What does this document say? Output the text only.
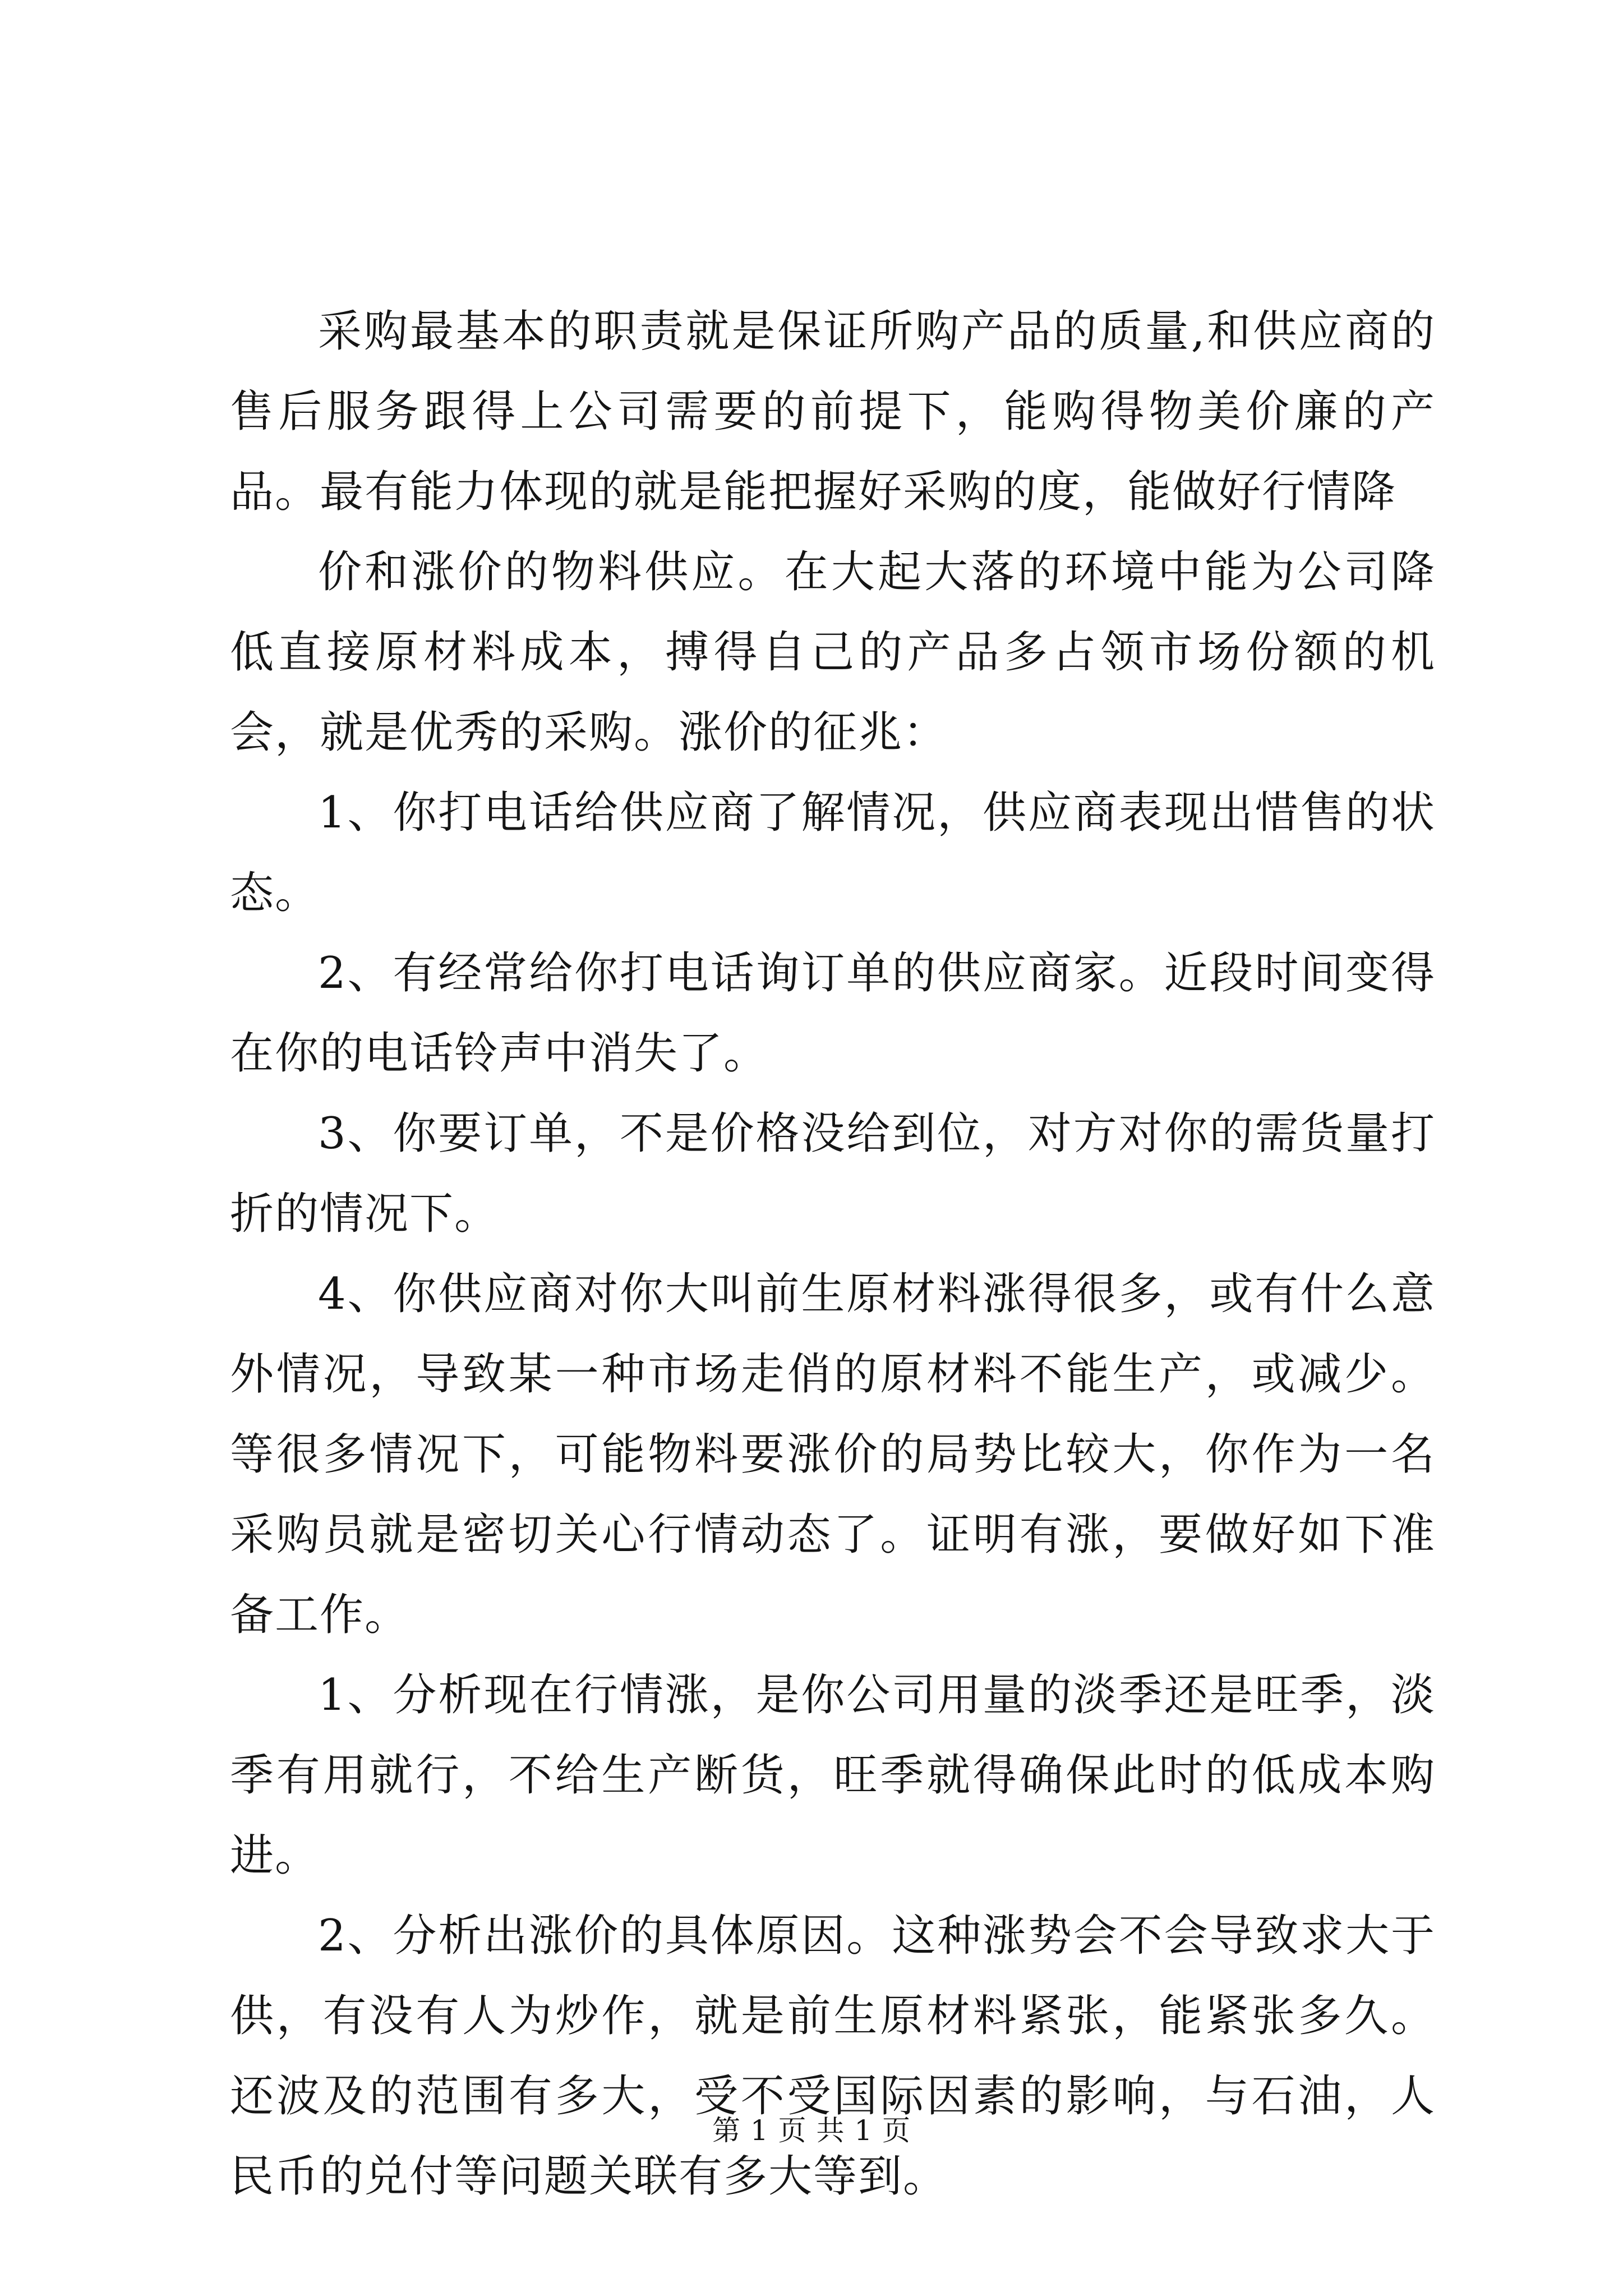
采购最基本的职责就是保证所购产品的质量,和供应商的售后服务跟得上公司需要的前提下，能购得物美价廉的产品。最有能力体现的就是能把握好采购的度，能做好行情降

价和涨价的物料供应。在大起大落的环境中能为公司降低直接原材料成本，搏得自己的产品多占领市场份额的机会，就是优秀的采购。涨价的征兆：

1、你打电话给供应商了解情况，供应商表现出惜售的状态。

2、有经常给你打电话询订单的供应商家。近段时间变得在你的电话铃声中消失了。

3、你要订单，不是价格没给到位，对方对你的需货量打折的情况下。

4、你供应商对你大叫前生原材料涨得很多，或有什么意外情况，导致某一种市场走俏的原材料不能生产，或减少。等很多情况下，可能物料要涨价的局势比较大，你作为一名采购员就是密切关心行情动态了。证明有涨，要做好如下准备工作。

1、分析现在行情涨，是你公司用量的淡季还是旺季，淡季有用就行，不给生产断货，旺季就得确保此时的低成本购进。

2、分析出涨价的具体原因。这种涨势会不会导致求大于供，有没有人为炒作，就是前生原材料紧张，能紧张多久。还波及的范围有多大，受不受国际因素的影响，与石油，人民币的兑付等问题关联有多大等到。

第 1 页 共 1 页
